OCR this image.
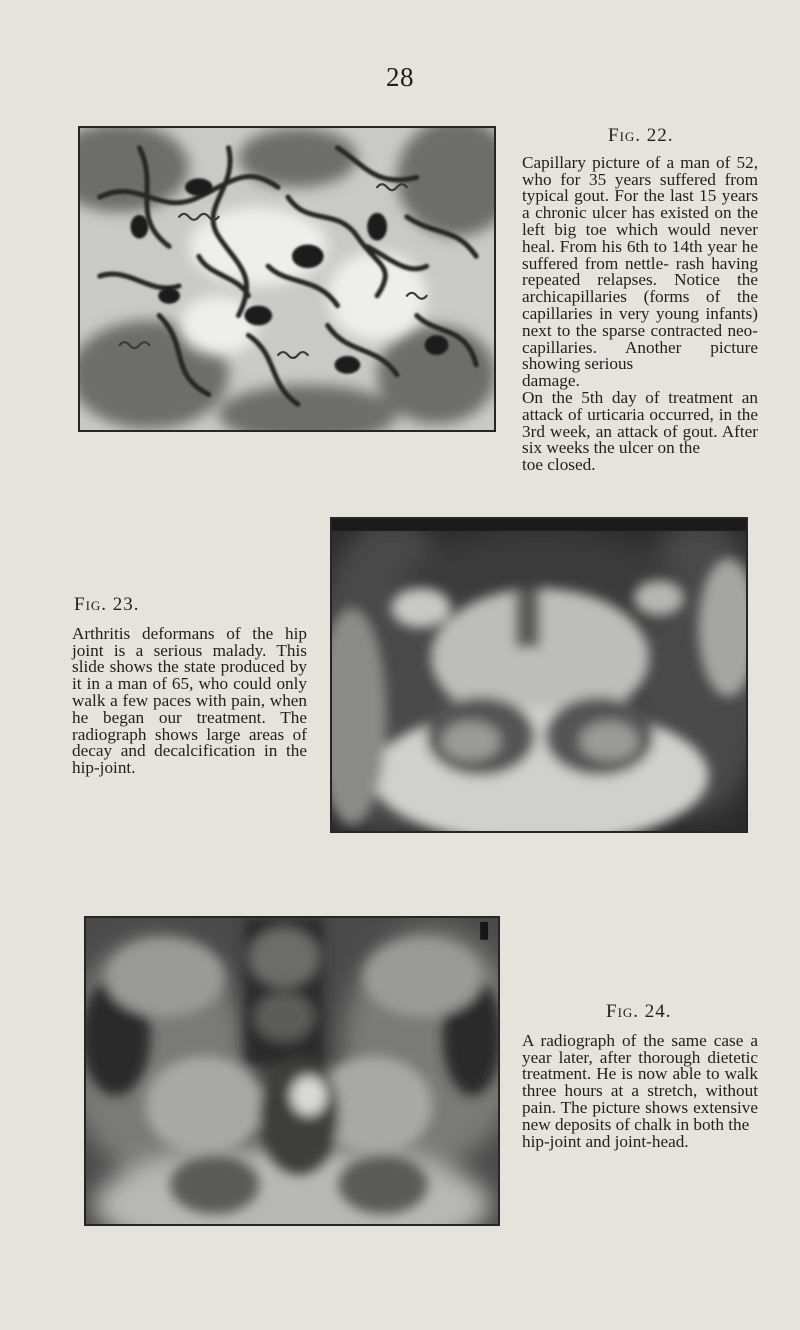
28
Fig. 22.
Capillary picture of a man of 52, who for 35 years suffered from typical gout. For the last 15 years a chronic ulcer has existed on the left big toe which would never heal. From his 6th to 14th year he suffered from nettle- rash having repeated relapses. Notice the archicapillaries (forms of the capillaries in very young infants) next to the sparse contracted neo-capillaries. Another picture showing serious
damage.
On the 5th day of treatment an attack of urticaria occurred, in the 3rd week, an attack of gout. After six weeks the ulcer on the
toe closed.
Fig. 23.
Arthritis deformans of the hip joint is a serious malady. This slide shows the state produced by it in a man of 65, who could only walk a few paces with pain, when he began our treatment. The radiograph shows large areas of decay and decalcification in the hip-joint.
Fig. 24.
A radiograph of the same case a year later, after thorough dietetic treatment. He is now able to walk three hours at a stretch, without pain. The picture shows extensive new deposits of chalk in both the
hip-joint and joint-head.
